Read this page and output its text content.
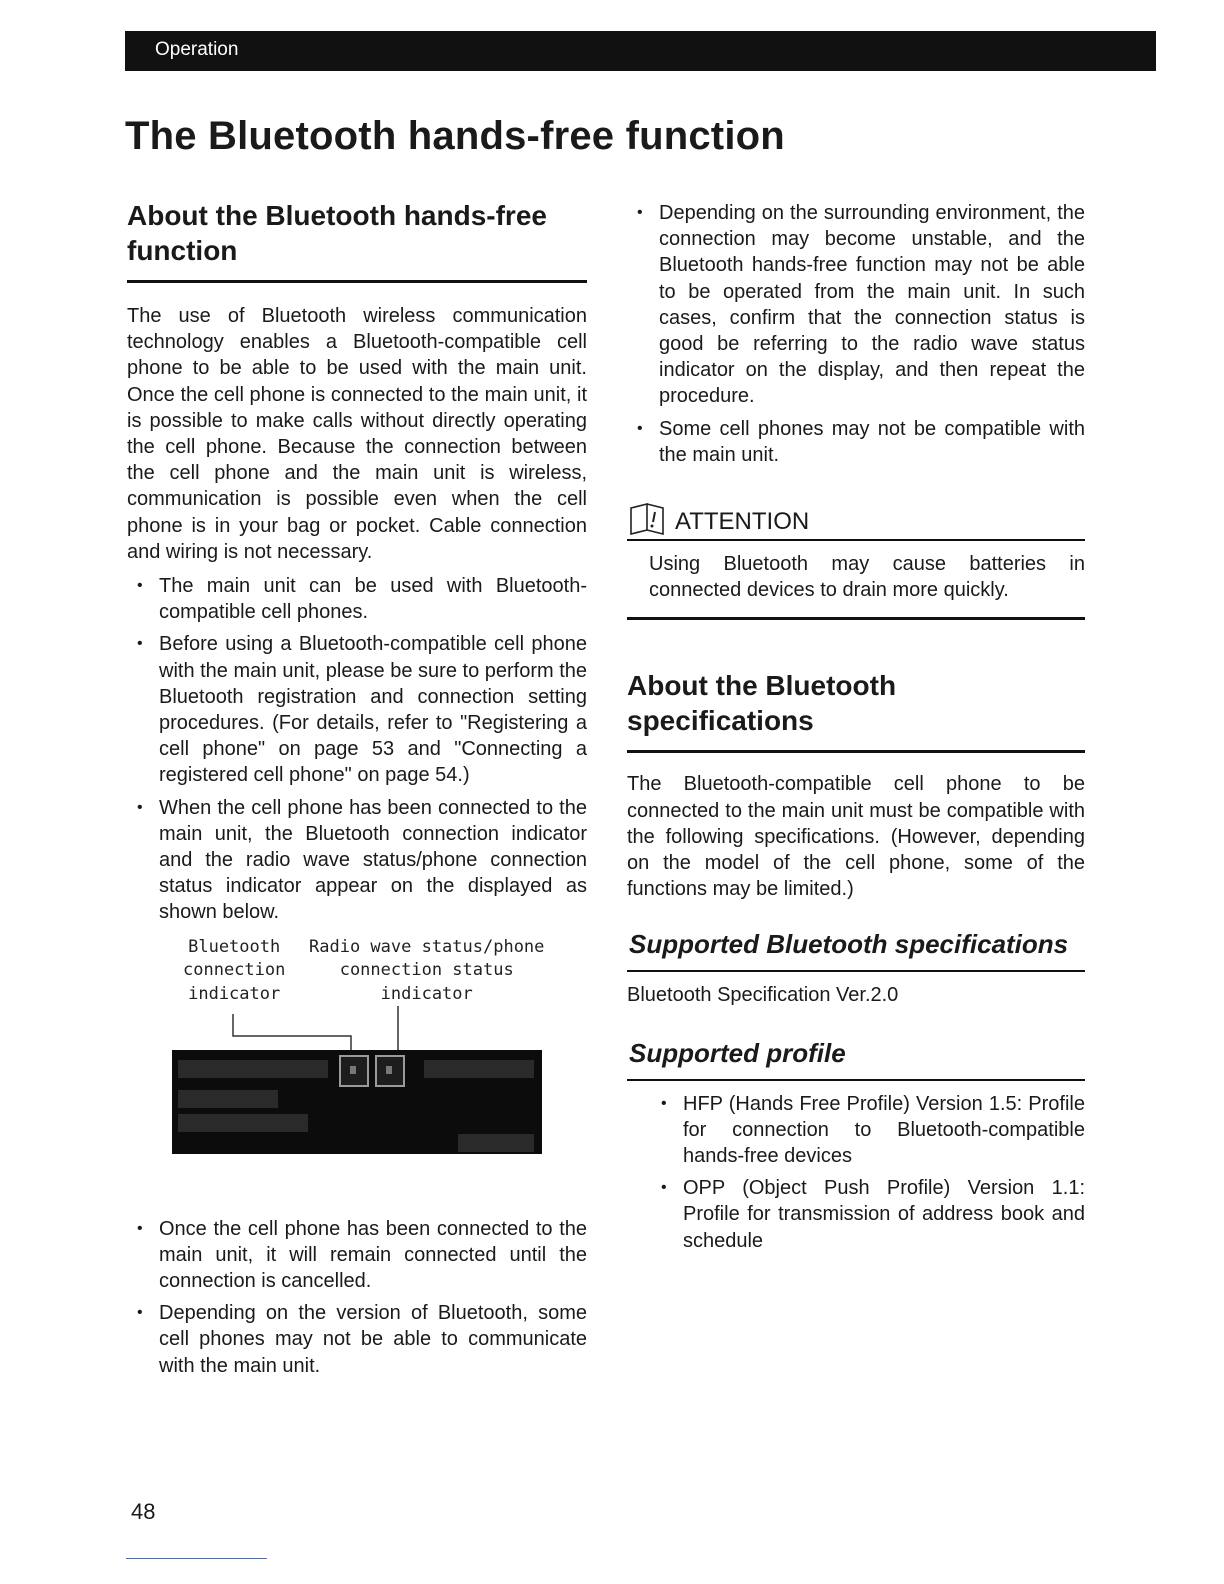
Operation
The Bluetooth hands-free function
About the Bluetooth hands-free function

The use of Bluetooth wireless communication technology enables a Bluetooth-compatible cell phone to be able to be used with the main unit. Once the cell phone is connected to the main unit, it is possible to make calls without directly operating the cell phone. Because the connection between the cell phone and the main unit is wireless, communication is possible even when the cell phone is in your bag or pocket. Cable connection and wiring is not necessary.

• The main unit can be used with Bluetooth-compatible cell phones.
• Before using a Bluetooth-compatible cell phone with the main unit, please be sure to perform the Bluetooth registration and connection setting procedures. (For details, refer to "Registering a cell phone" on page 53 and "Connecting a registered cell phone" on page 54.)
• When the cell phone has been connected to the main unit, the Bluetooth connection indicator and the radio wave status/phone connection status indicator appear on the displayed as shown below.
Bluetooth
connection
indicator
Radio wave status/phone
connection status
indicator
• Once the cell phone has been connected to the main unit, it will remain connected until the connection is cancelled.
• Depending on the version of Bluetooth, some cell phones may not be able to communicate with the main unit.
• Depending on the surrounding environment, the connection may become unstable, and the Bluetooth hands-free function may not be able to be operated from the main unit. In such cases, confirm that the connection status is good be referring to the radio wave status indicator on the display, and then repeat the procedure.
• Some cell phones may not be compatible with the main unit.
ATTENTION
Using Bluetooth may cause batteries in connected devices to drain more quickly.
About the Bluetooth specifications

The Bluetooth-compatible cell phone to be connected to the main unit must be compatible with the following specifications. (However, depending on the model of the cell phone, some of the functions may be limited.)

Supported Bluetooth specifications

Bluetooth Specification Ver.2.0

Supported profile
• HFP (Hands Free Profile) Version 1.5: Profile for connection to Bluetooth-compatible hands-free devices
• OPP (Object Push Profile) Version 1.1: Profile for transmission of address book and schedule
48
